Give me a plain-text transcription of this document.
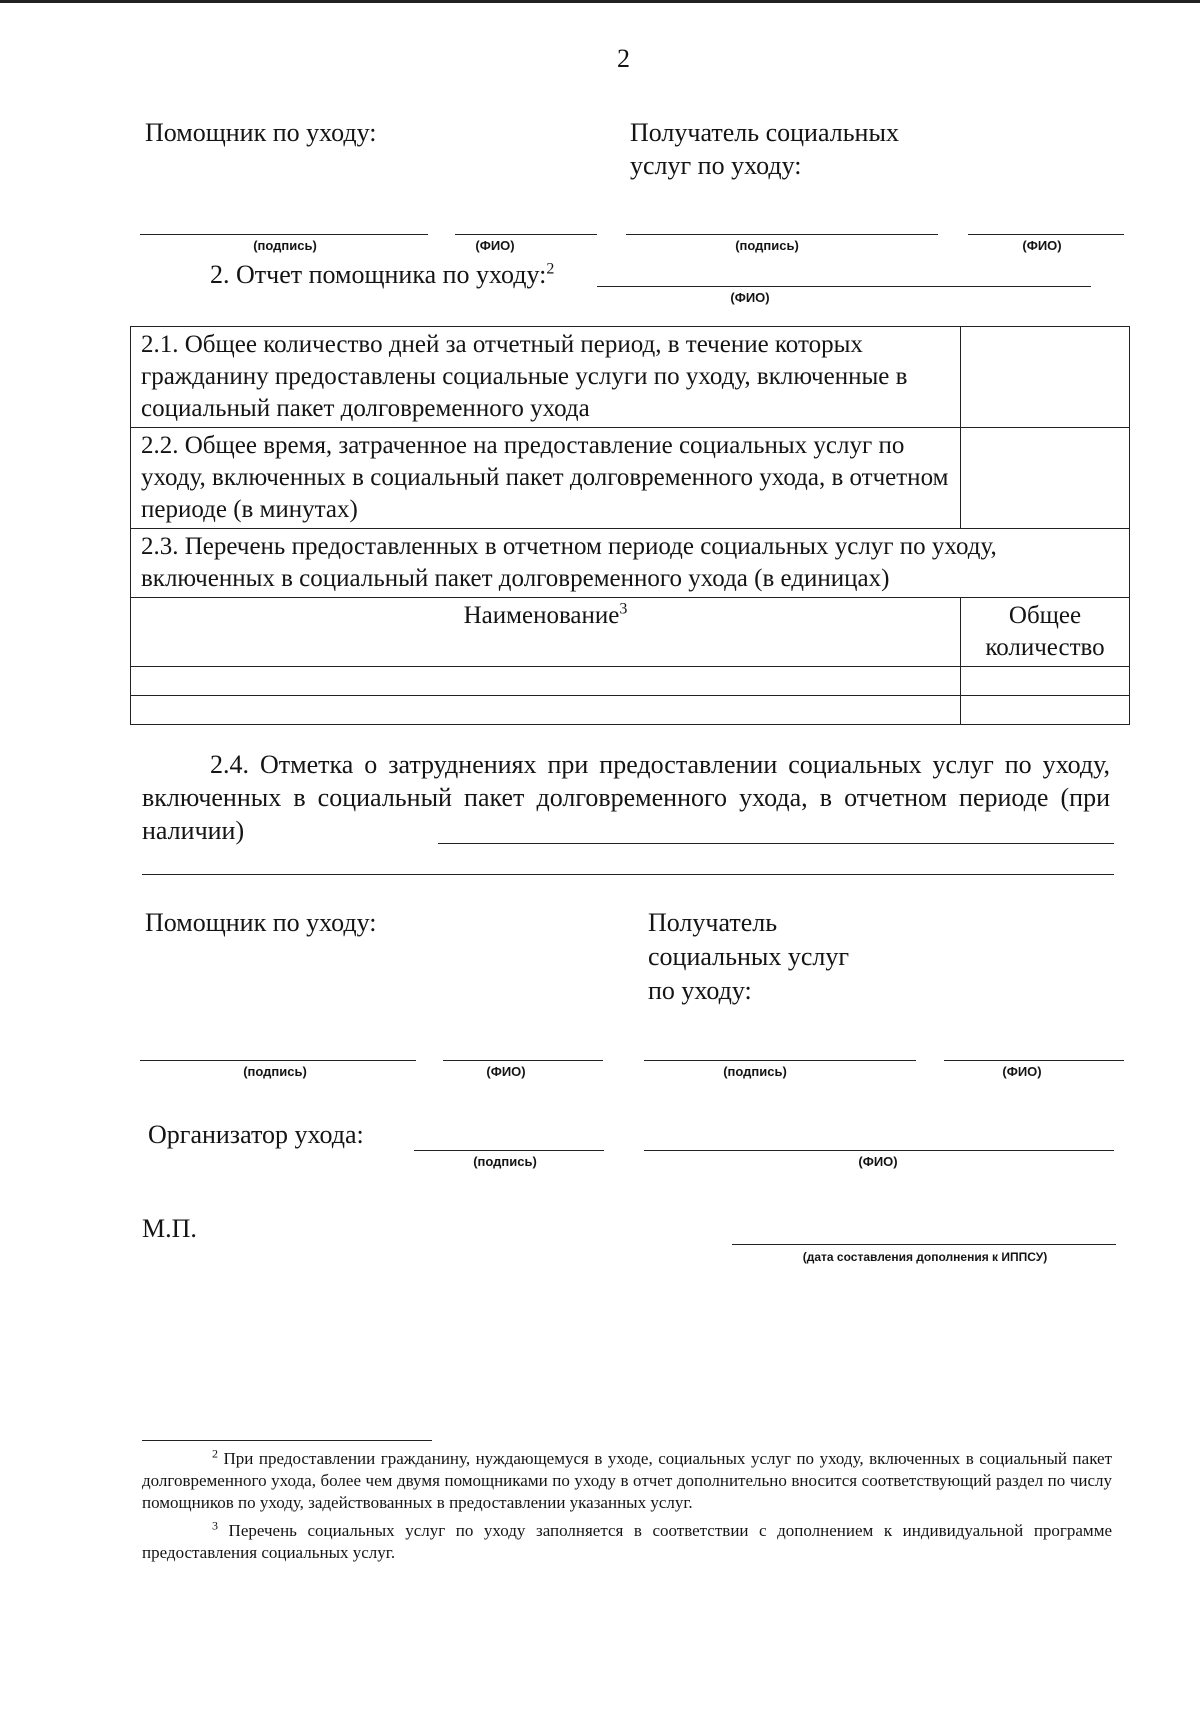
2
Помощник по уходу:	Получатель социальных
услуг по уходу:
(подпись)	(ФИО)	(подпись)	(ФИО)
2. Отчет помощника по уходу:$^2$
(ФИО)
2.1. Общее количество дней за отчетный период, в течение которых гражданину предоставлены социальные услуги по уходу, включенные в социальный пакет долговременного ухода	
2.2. Общее время, затраченное на предоставление социальных услуг по уходу, включенных в социальный пакет долговременного ухода, в отчетном периоде (в минутах)	
2.3. Перечень предоставленных в отчетном периоде социальных услуг по уходу, включенных в социальный пакет долговременного ухода (в единицах)	
Наименование$^3$	Общее количество

2.4. Отметка о затруднениях при предоставлении социальных услуг по уходу, включенных в социальный пакет долговременного ухода, в отчетном периоде (при наличии)
Помощник по уходу:	Получатель
социальных услуг
по уходу:
(подпись)	(ФИО)	(подпись)	(ФИО)
Организатор ухода:
(подпись)	(ФИО)
М.П.
(дата составления дополнения к ИППСУ)

$^2$ При предоставлении гражданину, нуждающемуся в уходе, социальных услуг по уходу, включенных в социальный пакет долговременного ухода, более чем двумя помощниками по уходу в отчет дополнительно вносится соответствующий раздел по числу помощников по уходу, задействованных в предоставлении указанных услуг.

$^3$ Перечень социальных услуг по уходу заполняется в соответствии с дополнением к индивидуальной программе предоставления социальных услуг.
